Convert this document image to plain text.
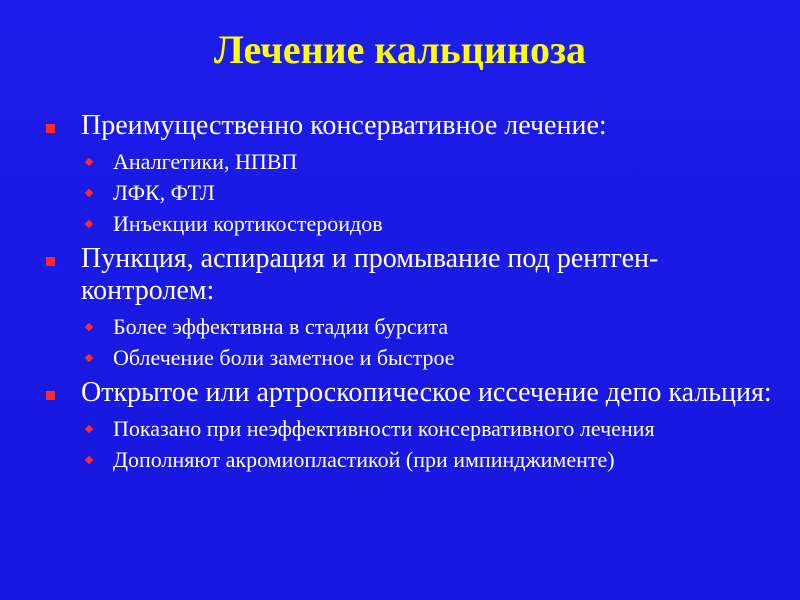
Лечение кальциноза
Преимущественно консервативное лечение:
Аналгетики, НПВП
ЛФК, ФТЛ
Инъекции кортикостероидов
Пункция, аспирация и промывание под рентген-контролем:
Более эффективна в стадии бурсита
Облечение боли заметное и быстрое
Открытое или артроскопическое иссечение депо кальция:
Показано при неэффективности консервативного лечения
Дополняют акромиопластикой (при импинджименте)
